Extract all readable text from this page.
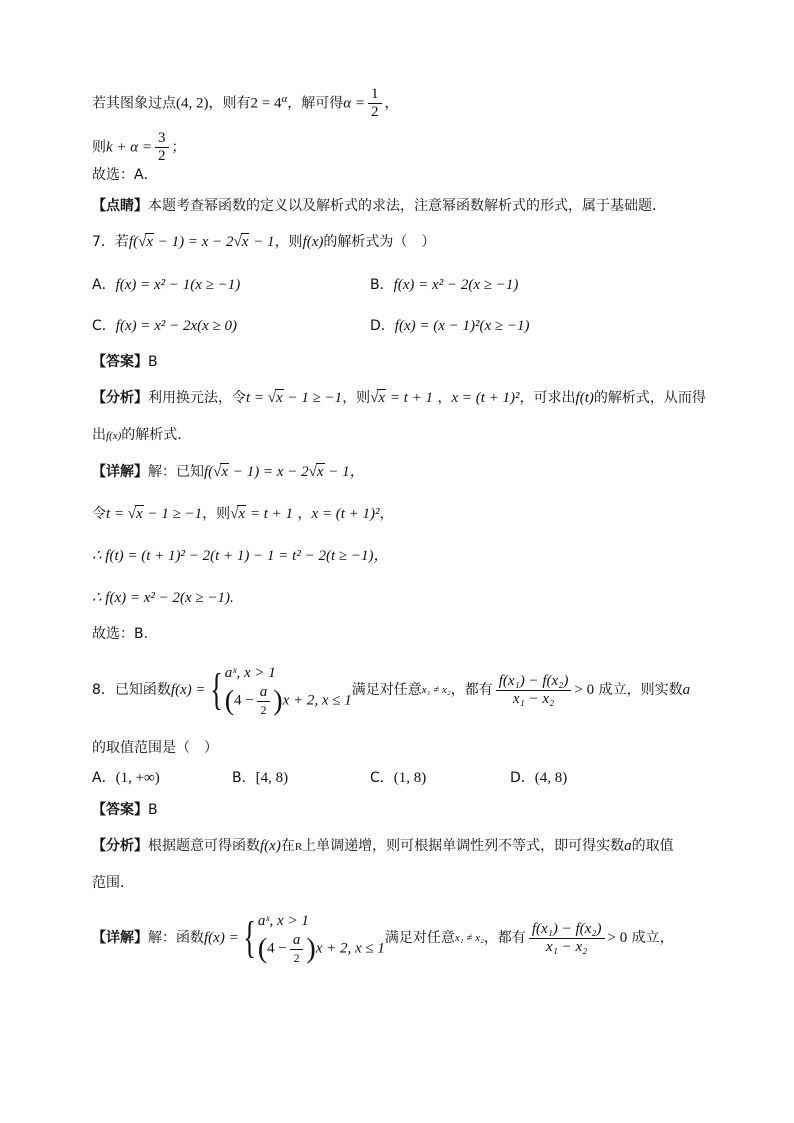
若其图象过点(4, 2)，则有$2 = 4^\alpha$，解可得$\alpha = \frac{1}{2}$ ，
则$k + \alpha = \frac{3}{2}$ ；
故选：A．
【点睛】本题考查幂函数的定义以及解析式的求法，注意幂函数解析式的形式，属于基础题．
7．若f(√x − 1) = x − 2√x − 1，则f(x)的解析式为（　）
A．f(x) = x² − 1(x ≥ −1)	B．f(x) = x² − 2(x ≥ −1)
C．f(x) = x² − 2x(x ≥ 0)	D．f(x) = (x − 1)²(x ≥ −1)
【答案】B
【分析】利用换元法，令t = √x − 1 ≥ −1，则√x = t + 1 ，x = (t + 1)²，可求出f(t)的解析式，从而得
出f(x)的解析式.
【详解】解：已知f(√x − 1) = x − 2√x − 1，
令t = √x − 1 ≥ −1，则√x = t + 1 ，x = (t + 1)²，
∴ f(t) = (t + 1)² − 2(t + 1) − 1 = t² − 2(t ≥ −1)，
∴ f(x) = x² − 2(x ≥ −1).
故选：B.
8．已知函数 f(x) = { aˣ, x > 1
$(4 - \frac{a}{2} )x + 2$, x ≤ 1
满足对任意 x₁ ≠ x₂ ，都有 $\frac{\text{f(x₁) − f(x₂)}}{\text{x₁ − x₂}} > 0$
成立，则实数 a
的取值范围是（　）
A．(1, +∞)	B．[4, 8)	C．(1, 8)	D．(4, 8)
【答案】B
【分析】根据题意可得函数f(x)在R上单调递增，则可根据单调性列不等式，即可得实数a的取值
范围.
【详解】 解：函数 f(x) = { aˣ, x > 1
$(4 - \frac{a}{2} )x + 2$, x ≤ 1
满足对任意 x₁ ≠ x₂ ，都有 $\frac{\text{f(x₁) − f(x₂)}}{\text{x₁ − x₂}} > 0$
成立，
